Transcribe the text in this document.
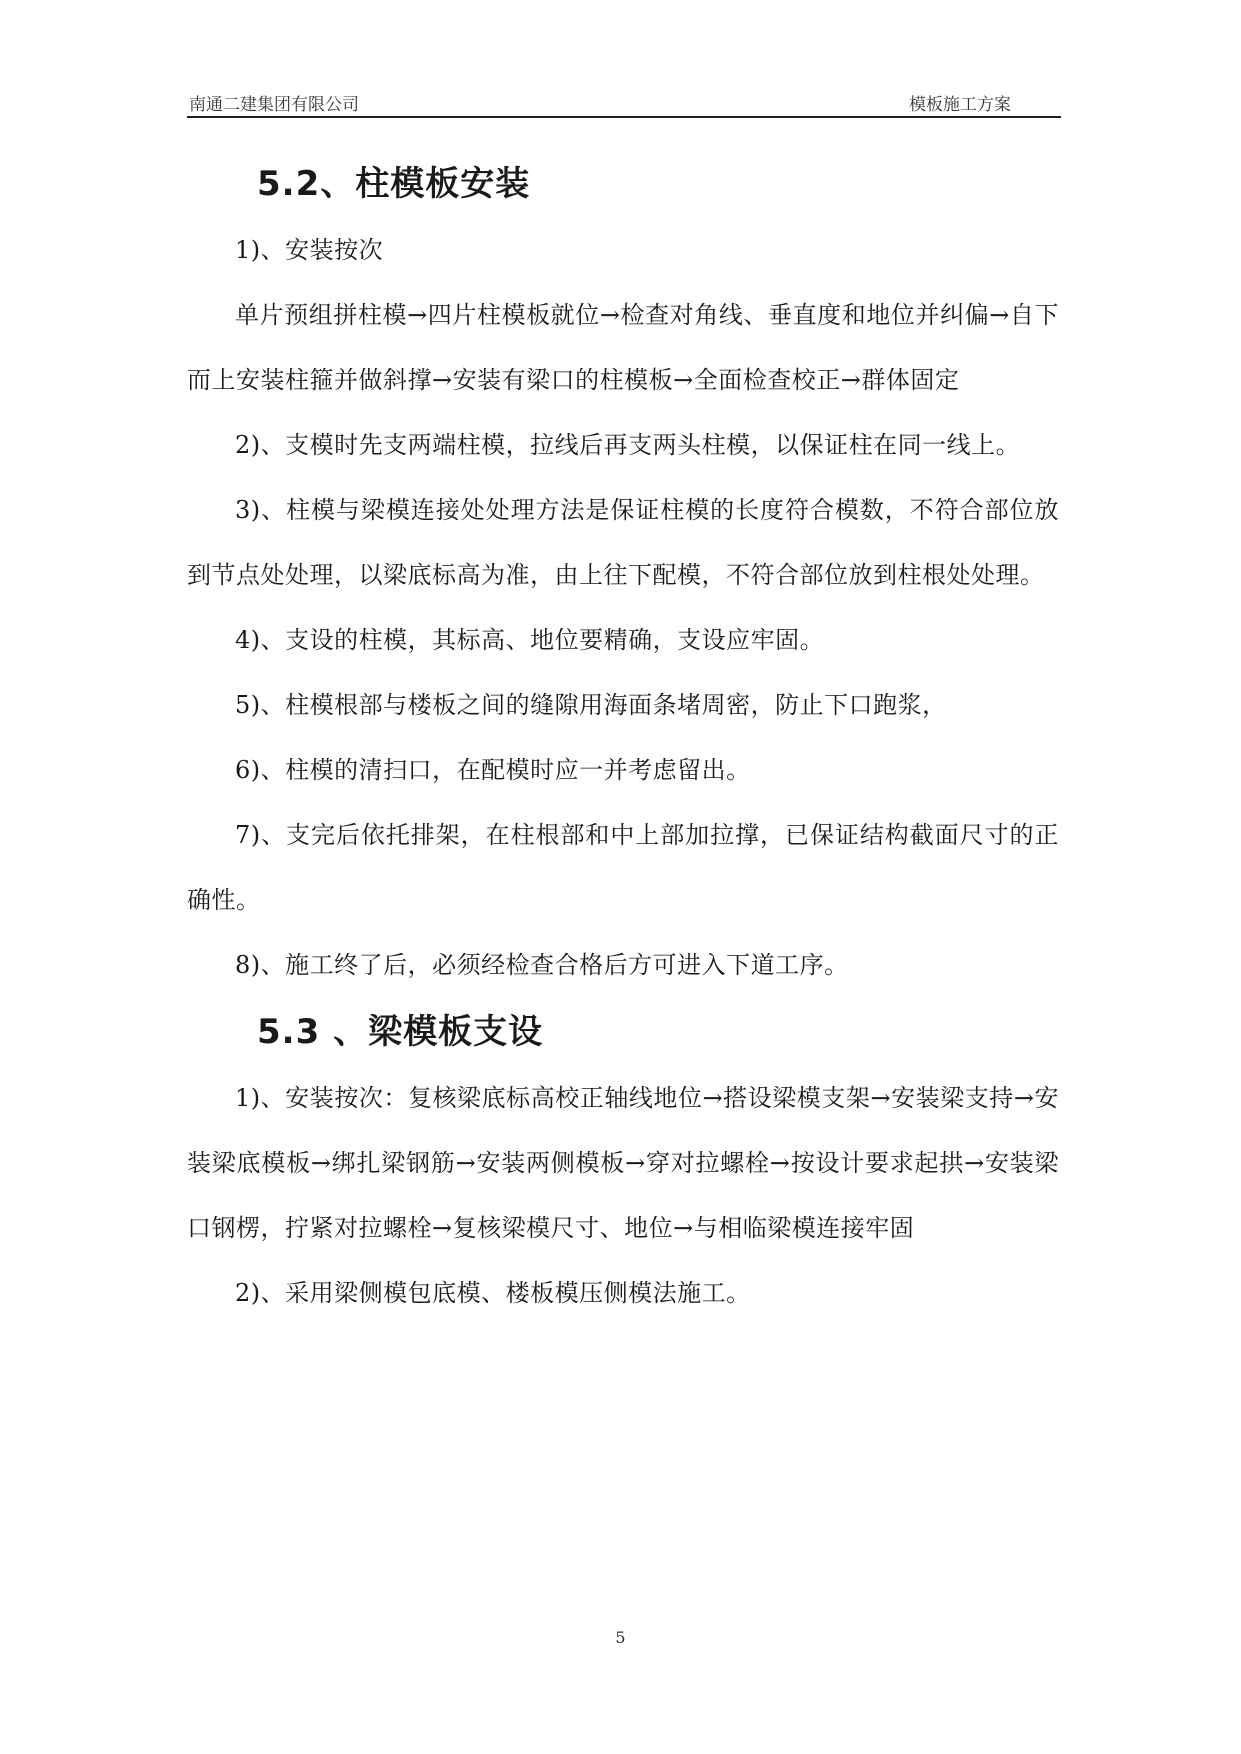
南通二建集团有限公司	模板施工方案
5.2、柱模板安装

1)、安装按次

单片预组拼柱模→四片柱模板就位→检查对角线、垂直度和地位并纠偏→自下而上安装柱箍并做斜撑→安装有梁口的柱模板→全面检查校正→群体固定

2)、支模时先支两端柱模，拉线后再支两头柱模，以保证柱在同一线上。

3)、柱模与梁模连接处处理方法是保证柱模的长度符合模数，不符合部位放到节点处处理，以梁底标高为准，由上往下配模，不符合部位放到柱根处处理。

4)、支设的柱模，其标高、地位要精确，支设应牢固。

5)、柱模根部与楼板之间的缝隙用海面条堵周密，防止下口跑浆，

6)、柱模的清扫口，在配模时应一并考虑留出。

7)、支完后依托排架，在柱根部和中上部加拉撑，已保证结构截面尺寸的正确性。

8)、施工终了后，必须经检查合格后方可进入下道工序。

5.3 、梁模板支设

1)、安装按次：复核梁底标高校正轴线地位→搭设梁模支架→安装梁支持→安装梁底模板→绑扎梁钢筋→安装两侧模板→穿对拉螺栓→按设计要求起拱→安装梁口钢楞，拧紧对拉螺栓→复核梁模尺寸、地位→与相临梁模连接牢固

2)、采用梁侧模包底模、楼板模压侧模法施工。

5
